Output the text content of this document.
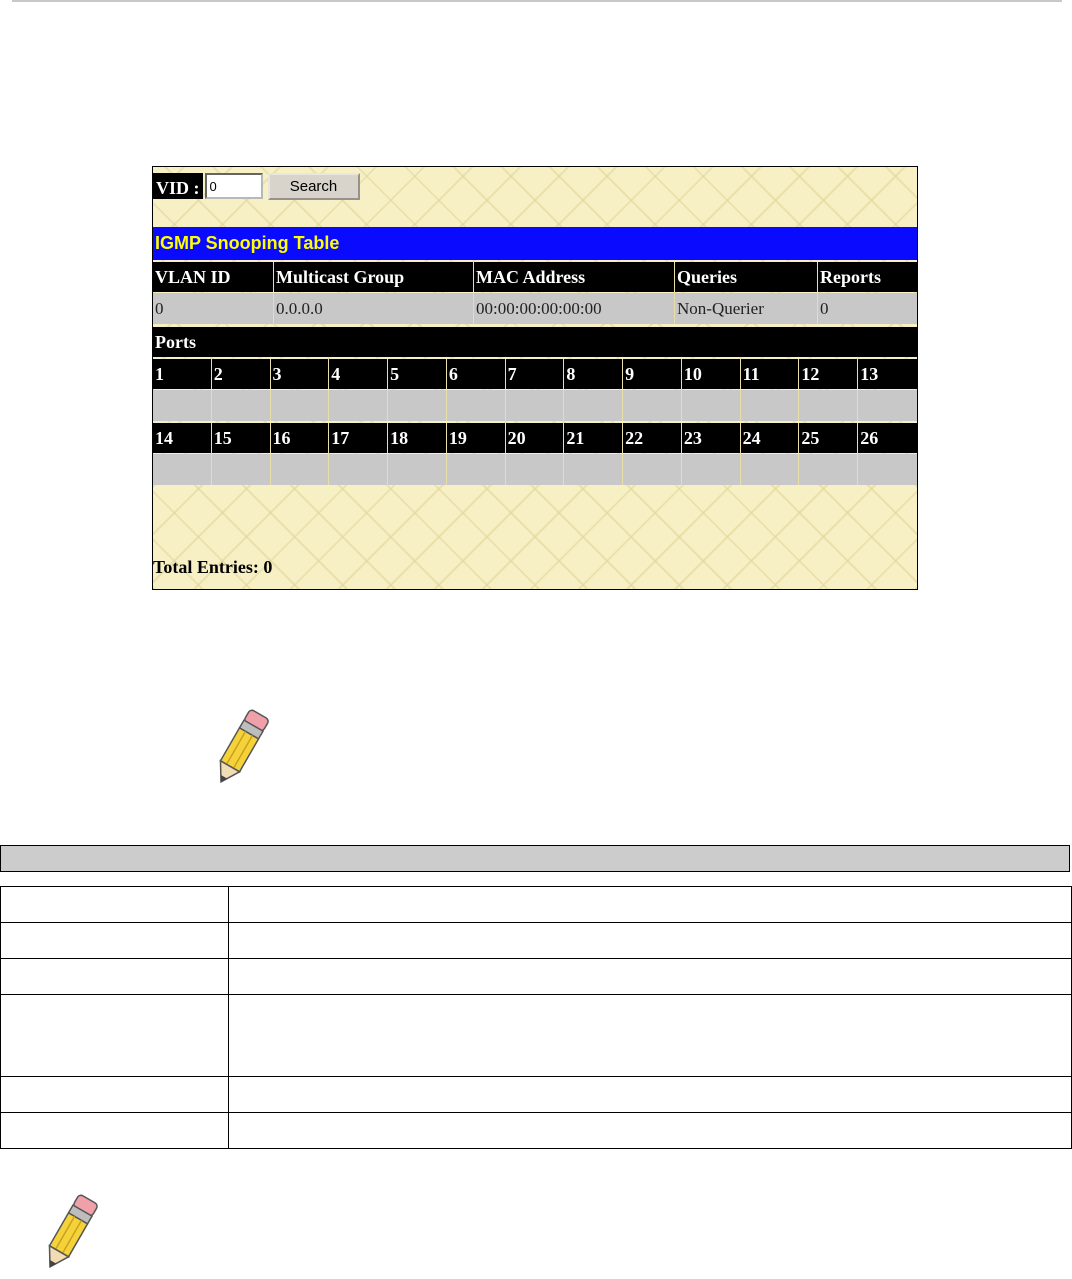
VID :
0	Search
IGMP Snooping Table
VLAN ID	Multicast Group	MAC Address	Queries	Reports
0	0.0.0.0	00:00:00:00:00:00	Non-Querier	0
Ports
1	2	3	4	5	6	7	8	9	10	11	12	13
14	15	16	17	18	19	20	21	22	23	24	25	26
Total Entries: 0
